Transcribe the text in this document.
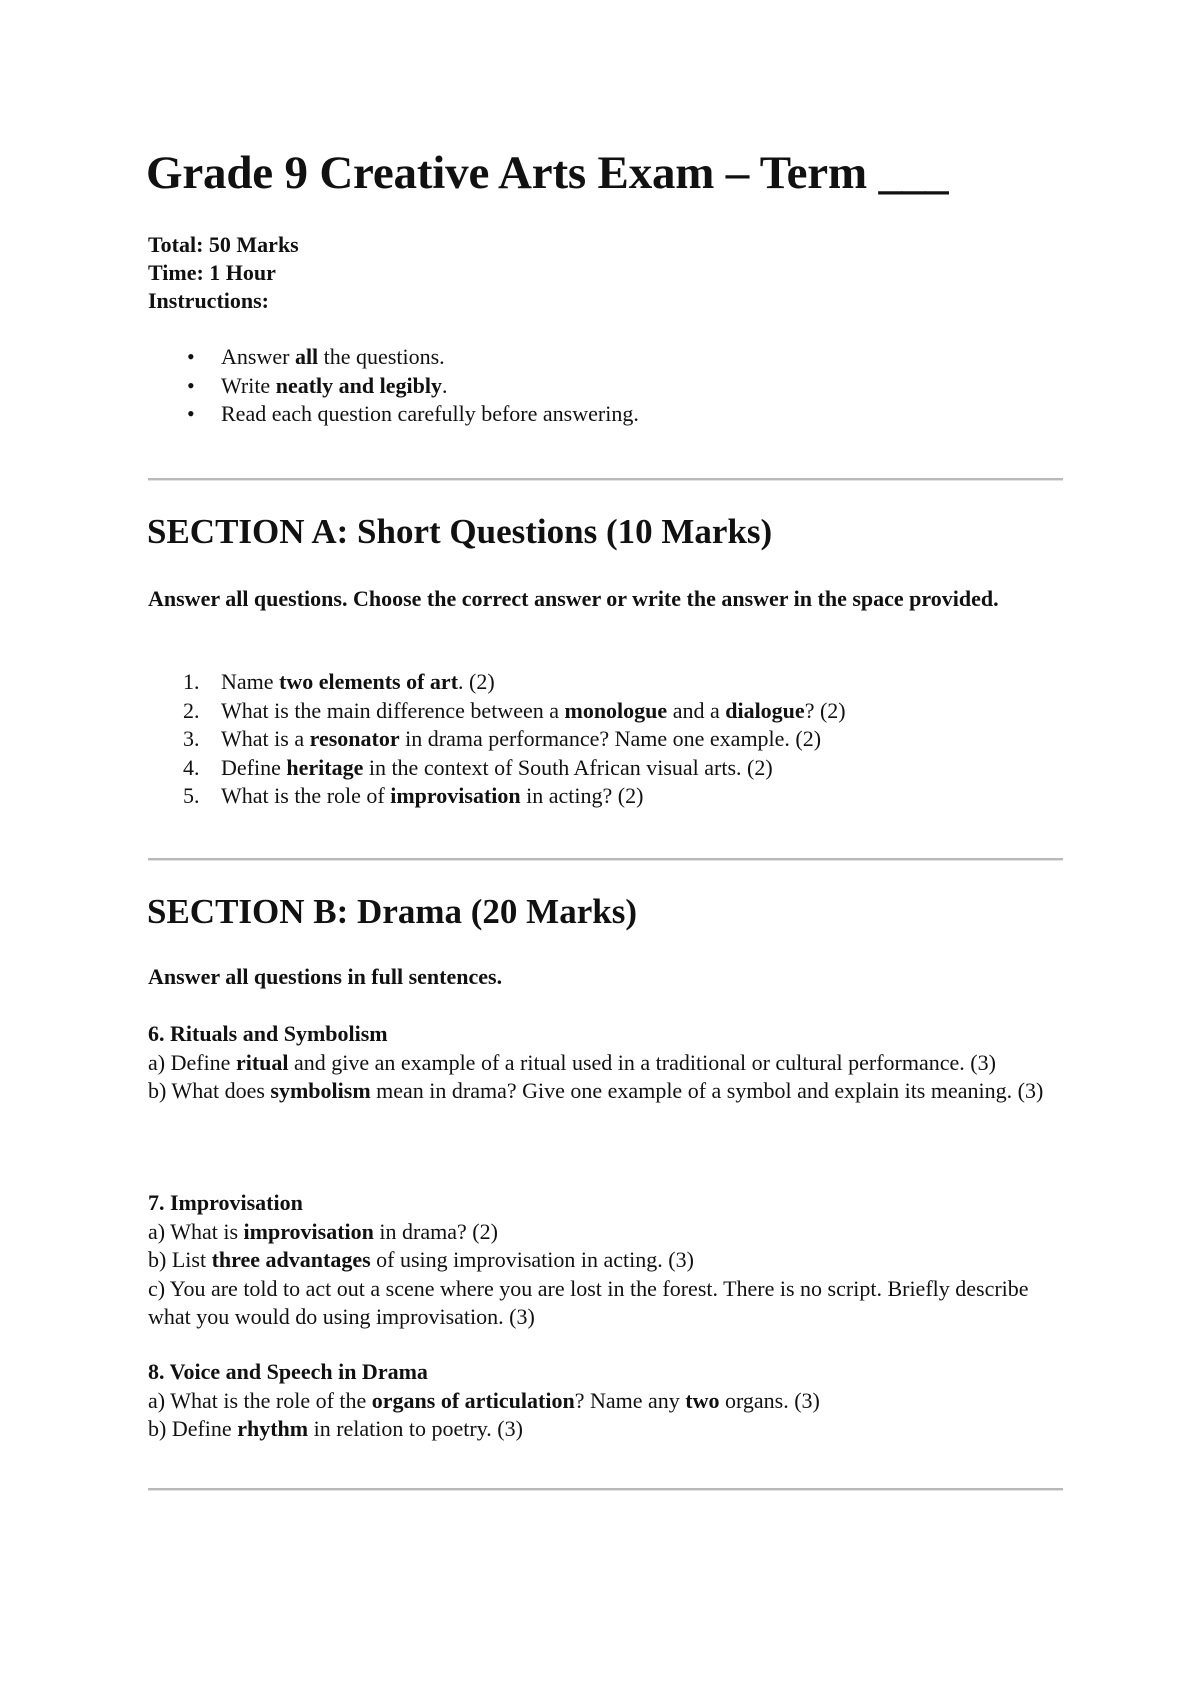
Grade 9 Creative Arts Exam – Term ___
Total: 50 Marks
Time: 1 Hour
Instructions:
• Answer all the questions.
• Write neatly and legibly.
• Read each question carefully before answering.
SECTION A: Short Questions (10 Marks)
Answer all questions. Choose the correct answer or write the answer in the space provided.
1. Name two elements of art. (2)
2. What is the main difference between a monologue and a dialogue? (2)
3. What is a resonator in drama performance? Name one example. (2)
4. Define heritage in the context of South African visual arts. (2)
5. What is the role of improvisation in acting? (2)
SECTION B: Drama (20 Marks)
Answer all questions in full sentences.
6. Rituals and Symbolism
a) Define ritual and give an example of a ritual used in a traditional or cultural performance. (3)
b) What does symbolism mean in drama? Give one example of a symbol and explain its meaning. (3)
7. Improvisation
a) What is improvisation in drama? (2)
b) List three advantages of using improvisation in acting. (3)
c) You are told to act out a scene where you are lost in the forest. There is no script. Briefly describe what you would do using improvisation. (3)
8. Voice and Speech in Drama
a) What is the role of the organs of articulation? Name any two organs. (3)
b) Define rhythm in relation to poetry. (3)
